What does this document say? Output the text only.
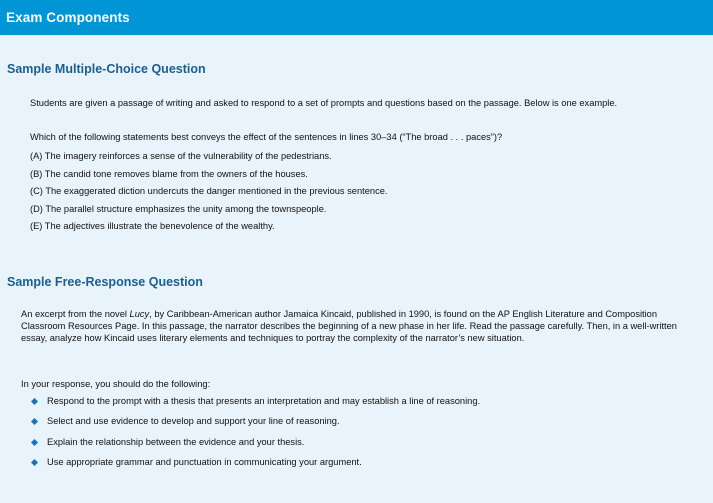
Exam Components
Sample Multiple-Choice Question
Students are given a passage of writing and asked to respond to a set of prompts and questions based on the passage. Below is one example.
Which of the following statements best conveys the effect of the sentences in lines 30–34 (“The broad . . . paces”)?
(A) The imagery reinforces a sense of the vulnerability of the pedestrians.
(B) The candid tone removes blame from the owners of the houses.
(C) The exaggerated diction undercuts the danger mentioned in the previous sentence.
(D) The parallel structure emphasizes the unity among the townspeople.
(E) The adjectives illustrate the benevolence of the wealthy.
Sample Free-Response Question
An excerpt from the novel Lucy, by Caribbean-American author Jamaica Kincaid, published in 1990, is found on the AP English Literature and Composition Classroom Resources Page. In this passage, the narrator describes the beginning of a new phase in her life. Read the passage carefully. Then, in a well-written essay, analyze how Kincaid uses literary elements and techniques to portray the complexity of the narrator’s new situation.
In your response, you should do the following:
Respond to the prompt with a thesis that presents an interpretation and may establish a line of reasoning.
Select and use evidence to develop and support your line of reasoning.
Explain the relationship between the evidence and your thesis.
Use appropriate grammar and punctuation in communicating your argument.
